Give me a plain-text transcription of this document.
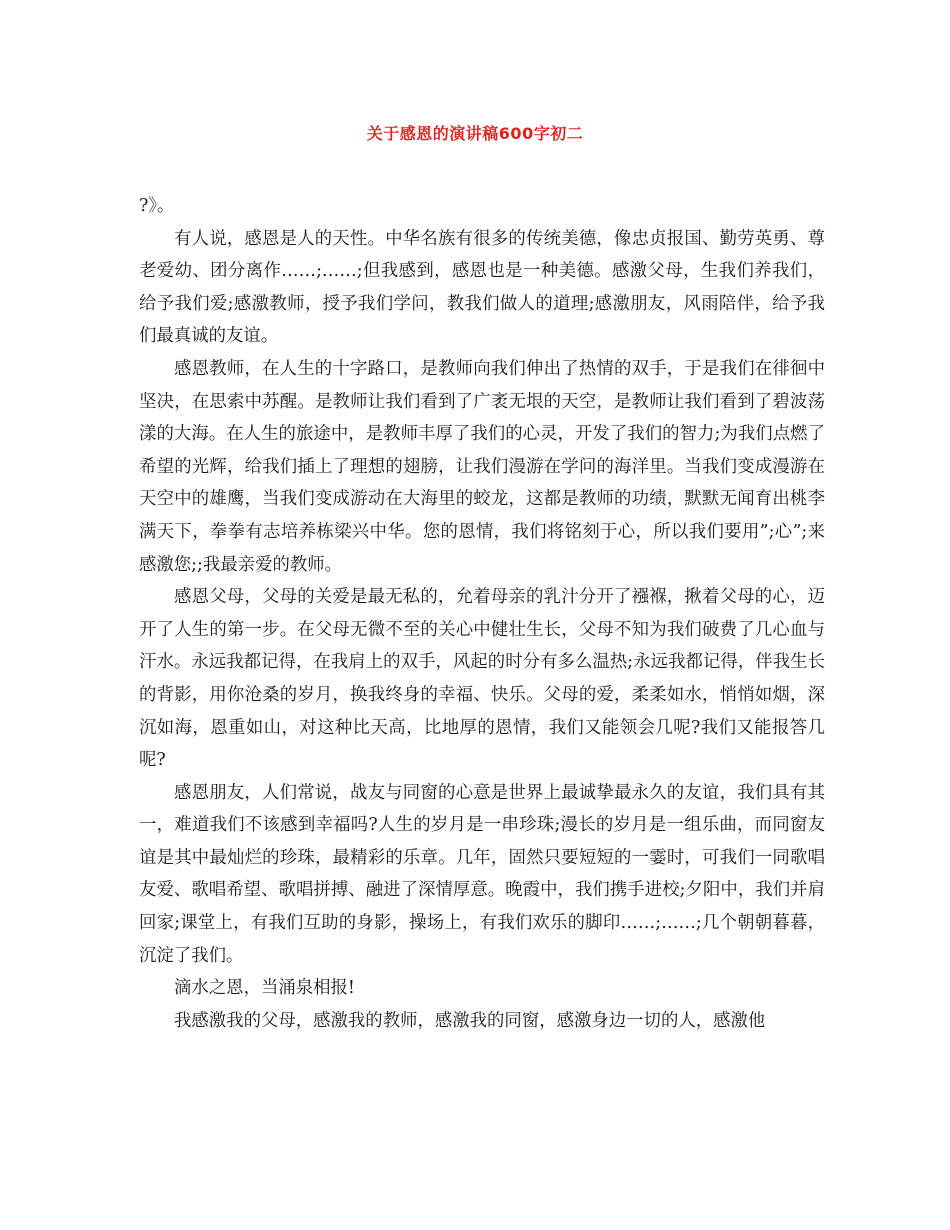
关于感恩的演讲稿600字初二

?》。

有人说，感恩是人的天性。中华名族有很多的传统美德，像忠贞报国、勤劳英勇、尊老爱幼、团分离作……;……;但我感到，感恩也是一种美德。感激父母，生我们养我们，给予我们爱;感激教师，授予我们学问，教我们做人的道理;感激朋友，风雨陪伴，给予我们最真诚的友谊。

感恩教师，在人生的十字路口，是教师向我们伸出了热情的双手，于是我们在徘徊中坚决，在思索中苏醒。是教师让我们看到了广袤无垠的天空，是教师让我们看到了碧波荡漾的大海。在人生的旅途中，是教师丰厚了我们的心灵，开发了我们的智力;为我们点燃了希望的光辉，给我们插上了理想的翅膀，让我们漫游在学问的海洋里。当我们变成漫游在天空中的雄鹰，当我们变成游动在大海里的蛟龙，这都是教师的功绩，默默无闻育出桃李满天下，拳拳有志培养栋梁兴中华。您的恩情，我们将铭刻于心，所以我们要用”;心”;来感激您;;我最亲爱的教师。

感恩父母，父母的关爱是最无私的，允着母亲的乳汁分开了襁褓，揪着父母的心，迈开了人生的第一步。在父母无微不至的关心中健壮生长，父母不知为我们破费了几心血与汗水。永远我都记得，在我肩上的双手，风起的时分有多么温热;永远我都记得，伴我生长的背影，用你沧桑的岁月，换我终身的幸福、快乐。父母的爱，柔柔如水，悄悄如烟，深沉如海，恩重如山，对这种比天高，比地厚的恩情，我们又能领会几呢?我们又能报答几呢?

感恩朋友，人们常说，战友与同窗的心意是世界上最诚挚最永久的友谊，我们具有其一，难道我们不该感到幸福吗?人生的岁月是一串珍珠;漫长的岁月是一组乐曲，而同窗友谊是其中最灿烂的珍珠，最精彩的乐章。几年，固然只要短短的一霎时，可我们一同歌唱友爱、歌唱希望、歌唱拼搏、融进了深情厚意。晚霞中，我们携手进校;夕阳中，我们并肩回家;课堂上，有我们互助的身影，操场上，有我们欢乐的脚印……;……;几个朝朝暮暮，沉淀了我们。

滴水之恩，当涌泉相报!

我感激我的父母，感激我的教师，感激我的同窗，感激身边一切的人，感激他
